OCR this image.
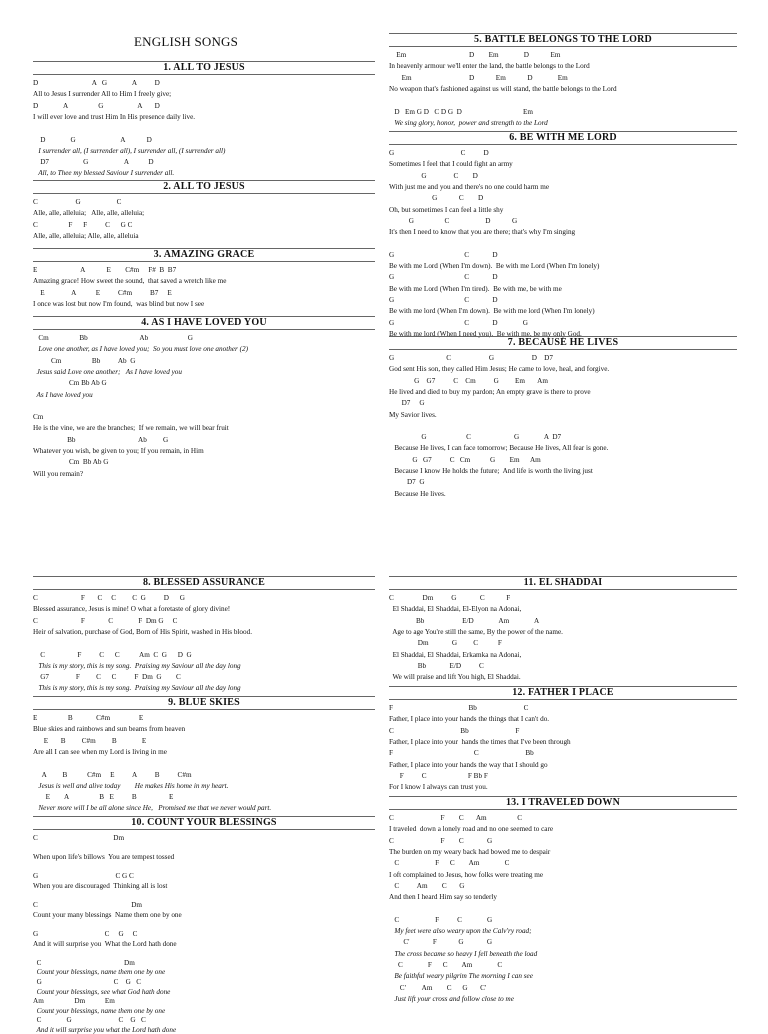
ENGLISH SONGS
1. ALL TO JESUS
D                              A   G              A          D
All to Jesus I surrender All to Him I freely give;
D              A                 G                   A       D
I will ever love and trust Him In His presence daily live.
D              G                         A            D
I surrender all, (I surrender all), I surrender all, (I surrender all)
D7                   G                    A           D
All, to Thee my blessed Saviour I surrender all.
2. ALL TO JESUS
C                     G                    C
Alle, alle, alleluia;   Alle, alle, alleluia;
C                 F      F          C      G C
Alle, alle, alleluia; Alle, alle, alleluia
3. AMAZING GRACE
E                        A            E        C#m     F#  B  B7
Amazing grace! How sweet the sound,  that saved a wretch like me
E               A           E          C#m          B7     E
I once was lost but now I'm found,  was blind but now I see
4. AS I HAVE LOVED YOU
Cm                 Bb                             Ab                      G
Love one another, as I have loved you;  So you must love one another (2)
Cm                 Bb          Ab  G
Jesus said Love one another;   As I have loved you
Cm Bb Ab G
As I have loved you
Cm
He is the vine, we are the branches;  If we remain, we will bear fruit
Bb                                   Ab         G
Whatever you wish, be given to you; If you remain, in Him
Cm  Bb Ab G
Will you remain?
5. BATTLE BELONGS TO THE LORD
Em                                   D        Em              D            Em
In heavenly armour we'll enter the land, the battle belongs to the Lord
Em                                D            Em            D              Em
No weapon that's fashioned against us will stand, the battle belongs to the Lord
D   Em G D   C D G  D                                  Em
We sing glory, honor,  power and strength to the Lord
6. BE WITH ME LORD
G                                     C          D
Sometimes I feel that I could fight an army
G               C        D
With just me and you and there's no one could harm me
G            C        D
Oh, but sometimes I can feel a little shy
G                 C                    D            G
It's then I need to know that you are there; that's why I'm singing
G                                       C             D
Be with me Lord (When I'm down).  Be with me Lord (When I'm lonely)
G                                       C             D
Be with me Lord (When I'm tired).  Be with me, be with me
G                                       C             D
Be with me lord (When I'm down).  Be with me lord (When I'm lonely)
G                                       C             D              G
Be with me lord (When I need you).  Be with me, be my only God.
7. BECAUSE HE LIVES
G                             C                     G                     D    D7
God sent His son, they called Him Jesus; He came to love, heal, and forgive.
G    G7          C    Cm          G         Em       Am
He lived and died to buy my pardon; An empty grave is there to prove
D7     G
My Savior lives.
G                      C                        G              A  D7
Because He lives, I can face tomorrow; Because He lives, All fear is gone.
G   G7          C   Cm           G        Em      Am
Because I know He holds the future;  And life is worth the living just
D7  G
Because He lives.
8. BLESSED ASSURANCE
C                        F       C     C         C  G          D      G
Blessed assurance, Jesus is mine! O what a foretaste of glory divine!
C                        F             C              F  Dm G     C
Heir of salvation, purchase of God, Born of His Spirit, washed in His blood.
C                  F          C      C           Am  C  G      D  G
This is my story, this is my song.  Praising my Saviour all the day long
G7               F         C      C          F  Dm  G        C
This is my story, this is my song.  Praising my Saviour all the day long
9. BLUE SKIES
E                 B             C#m                E
Blue skies and rainbows and sun beams from heaven
E       B         C#m         B              E
Are all I can see when my Lord is living in me
A         B           C#m     E          A          B          C#m
Jesus is well and alive today        He makes His home in my heart.
E        A                 B   E          B                  E
Never more will I be all alone since He,   Promised me that we never would part.
10. COUNT YOUR BLESSINGS
C                                          Dm
When upon life's billows  You are tempest tossed
G                                           C G C
When you are discouraged  Thinking all is lost
C                                                    Dm
Count your many blessings  Name them one by one
G                                     C     G     C
And it will surprise you  What the Lord hath done
C                                              Dm
Count your blessings, name them one by one
G                                        C    G   C
Count your blessings, see what God hath done
Am                 Dm           Em
Count your blessings, name them one by one
C              G                          C    G   C
And it will surprise you what the Lord hath done
11. EL SHADDAI
C                Dm          G             C            F
El Shaddai, El Shaddai, El-Elyon na Adonai,
Bb                     E/D              Am              A
Age to age You're still the same, By the power of the name.
Dm             G         C           F
El Shaddai, El Shaddai, Erkamka na Adonai,
Bb             E/D          C
We will praise and lift You high, El Shaddai.
12. FATHER I PLACE
F                                          Bb                          C
Father, I place into your hands the things that I can't do.
C                                     Bb                          F
Father, I place into your  hands the times that I've been through
F                                             C                          Bb
Father, I place into your hands the way that I should go
F          C                       F Bb F
For I know I always can trust you.
13. I TRAVELED DOWN
C                          F        C       Am                 C
I traveled  down a lonely road and no one seemed to care
C                          F        C             G
The burden on my weary back had bowed me to despair
C                    F      C        Am              C
I oft complained to Jesus, how folks were treating me
C          Am        C       G
And then I heard Him say so tenderly
C                    F          C              G
My feet were also weary upon the Calv'ry road;
C'             F            G             G
The cross became so heavy I fell beneath the load
C              F      C        Am              C
Be faithful weary pilgrim The morning I can see
C'         Am        C      G       C'
Just lift your cross and follow close to me
